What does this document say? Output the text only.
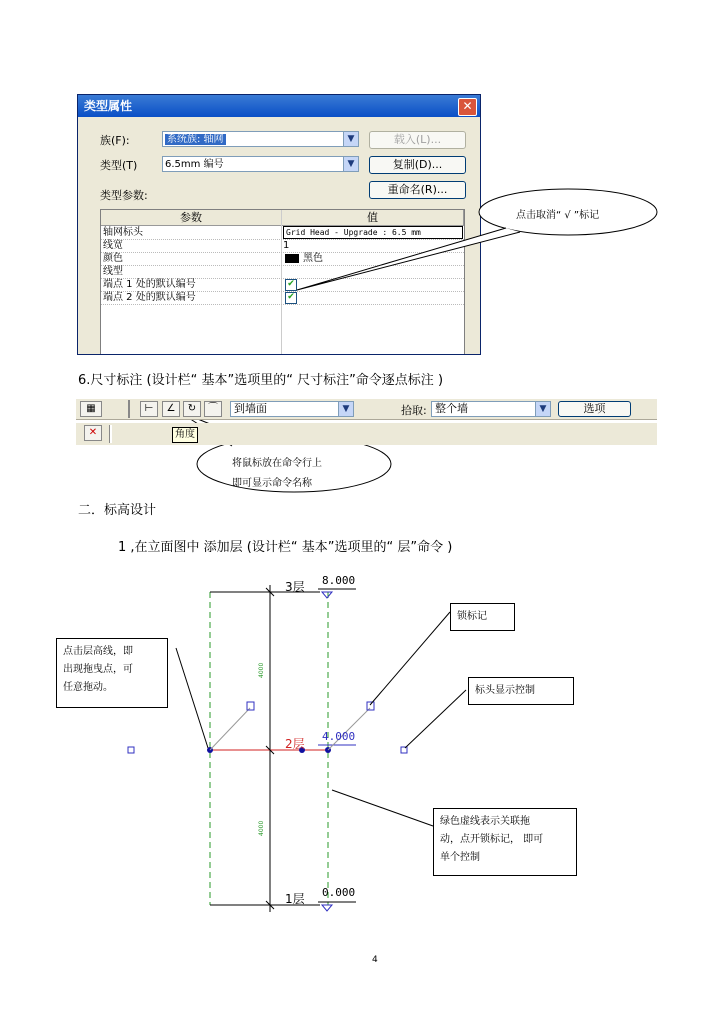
类型属性	✕
族(F):	系统族: 轴网	▼	载入(L)...
类型(T)	6.5mm 编号	▼	复制(D)...
类型参数:	重命名(R)...
参数	值
轴网标头	Grid Head - Upgrade : 6.5 mm
线宽	1
颜色	黑色
线型
端点 1 处的默认编号	✔
端点 2 处的默认编号	✔
点击取消“ √ ”标记
6.尺寸标注 (设计栏“ 基本”选项里的“ 尺寸标注”命令逐点标注 )
▦	⊢	∠	↻	⌒	到墙面	▼	拾取: 整个墙	▼	选项
✕	角度
将鼠标放在命令行上
即可显示命令名称
二．标高设计
1 ,在立面图中 添加层 (设计栏“ 基本”选项里的“ 层”命令 )
4000
4000
3层 8.000
2层
4.000
1层 0.000
点击层高线，即
出现拖曳点，可
任意拖动。
锁标记
标头显示控制
绿色虚线表示关联拖
动，点开锁标记， 即可
单个控制
4
